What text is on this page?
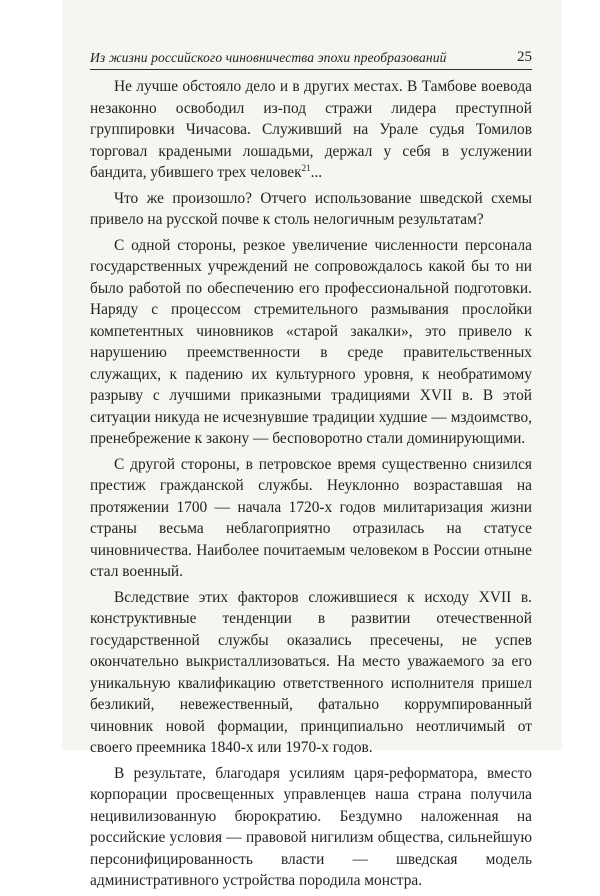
Из жизни российского чиновничества эпохи преобразований	25

Не лучше обстояло дело и в других местах. В Тамбове воевода незаконно освободил из-под стражи лидера преступной группировки Чичасова. Служивший на Урале судья Томилов торговал крадеными лошадьми, держал у себя в услужении бандита, убившего трех человек$^{21}$...

Что же произошло? Отчего использование шведской схемы привело на русской почве к столь нелогичным результатам?

С одной стороны, резкое увеличение численности персонала государственных учреждений не сопровождалось какой бы то ни было работой по обеспечению его профессиональной подготовки. Наряду с процессом стремительного размывания прослойки компетентных чиновников «старой закалки», это привело к нарушению преемственности в среде правительственных служащих, к падению их культурного уровня, к необратимому разрыву с лучшими приказными традициями XVII в. В этой ситуации никуда не исчезнувшие традиции худшие — мздоимство, пренебрежение к закону — бесповоротно стали доминирующими.

С другой стороны, в петровское время существенно снизился престиж гражданской службы. Неуклонно возраставшая на протяжении 1700 — начала 1720-х годов милитаризация жизни страны весьма неблагоприятно отразилась на статусе чиновничества. Наиболее почитаемым человеком в России отныне стал военный.

Вследствие этих факторов сложившиеся к исходу XVII в. конструктивные тенденции в развитии отечественной государственной службы оказались пресечены, не успев окончательно выкристаллизоваться. На место уважаемого за его уникальную квалификацию ответственного исполнителя пришел безликий, невежественный, фатально коррумпированный чиновник новой формации, принципиально неотличимый от своего преемника 1840-х или 1970-х годов.

В результате, благодаря усилиям царя-реформатора, вместо корпорации просвещенных управленцев наша страна получила нецивилизованную бюрократию. Бездумно наложенная на российские условия — правовой нигилизм общества, сильнейшую персонифицированность власти — шведская модель административного устройства породила монстра.
